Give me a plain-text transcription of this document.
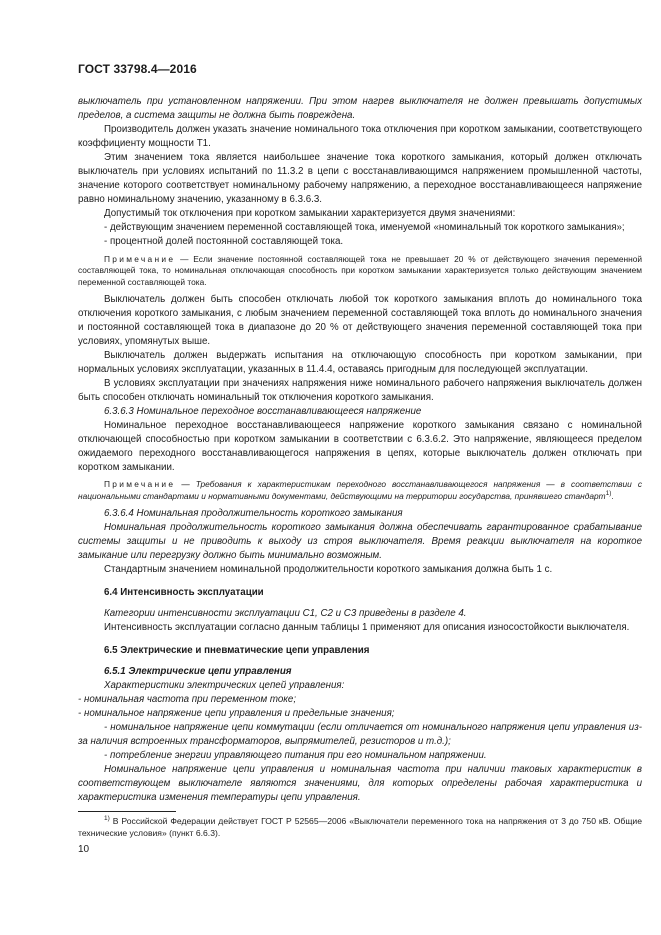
ГОСТ 33798.4—2016

выключатель при установленном напряжении. При этом нагрев выключателя не должен превышать допустимых пределов, а система защиты не должна быть повреждена.

Производитель должен указать значение номинального тока отключения при коротком замыкании, соответствующего коэффициенту мощности Т1.

Этим значением тока является наибольшее значение тока короткого замыкания, который должен отключать выключатель при условиях испытаний по 11.3.2 в цепи с восстанавливающимся напряжением промышленной частоты, значение которого соответствует номинальному рабочему напряжению, а переходное восстанавливающееся напряжение равно номинальному значению, указанному в 6.3.6.3.

Допустимый ток отключения при коротком замыкании характеризуется двумя значениями:

- действующим значением переменной составляющей тока, именуемой «номинальный ток короткого замыкания»;

- процентной долей постоянной составляющей тока.

Примечание — Если значение постоянной составляющей тока не превышает 20 % от действующего значения переменной составляющей тока, то номинальная отключающая способность при коротком замыкании характеризуется только действующим значением переменной составляющей тока.

Выключатель должен быть способен отключать любой ток короткого замыкания вплоть до номинального тока отключения короткого замыкания, с любым значением переменной составляющей тока вплоть до номинального значения и постоянной составляющей тока в диапазоне до 20 % от действующего значения переменной составляющей тока при условиях, упомянутых выше.

Выключатель должен выдержать испытания на отключающую способность при коротком замыкании, при нормальных условиях эксплуатации, указанных в 11.4.4, оставаясь пригодным для последующей эксплуатации.

В условиях эксплуатации при значениях напряжения ниже номинального рабочего напряжения выключатель должен быть способен отключать номинальный ток отключения короткого замыкания.

6.3.6.3 Номинальное переходное восстанавливающееся напряжение

Номинальное переходное восстанавливающееся напряжение короткого замыкания связано с номинальной отключающей способностью при коротком замыкании в соответствии с 6.3.6.2. Это напряжение, являющееся пределом ожидаемого переходного восстанавливающегося напряжения в цепях, которые выключатель должен отключать при коротком замыкании.

Примечание — Требования к характеристикам переходного восстанавливающегося напряжения — в соответствии с национальными стандартами и нормативными документами, действующими на территории государства, принявшего стандарт$^{1)}$.

6.3.6.4 Номинальная продолжительность короткого замыкания

Номинальная продолжительность короткого замыкания должна обеспечивать гарантированное срабатывание системы защиты и не приводить к выходу из строя выключателя. Время реакции выключателя на короткое замыкание или перегрузку должно быть минимально возможным.

Стандартным значением номинальной продолжительности короткого замыкания должна быть 1 с.

6.4 Интенсивность эксплуатации

Категории интенсивности эксплуатации С1, С2 и С3 приведены в разделе 4.

Интенсивность эксплуатации согласно данным таблицы 1 применяют для описания износостойкости выключателя.

6.5 Электрические и пневматические цепи управления

6.5.1 Электрические цепи управления

Характеристики электрических цепей управления:

- номинальная частота при переменном токе;

- номинальное напряжение цепи управления и предельные значения;

- номинальное напряжение цепи коммутации (если отличается от номинального напряжения цепи управления из-за наличия встроенных трансформаторов, выпрямителей, резисторов и т.д.);

- потребление энергии управляющего питания при его номинальном напряжении.

Номинальное напряжение цепи управления и номинальная частота при наличии таковых характеристик в соответствующем выключателе являются значениями, для которых определены рабочая характеристика и характеристика изменения температуры цепи управления.

$^{1)}$ В Российской Федерации действует ГОСТ Р 52565—2006 «Выключатели переменного тока на напряжения от 3 до 750 кВ. Общие технические условия» (пункт 6.6.3).

10
